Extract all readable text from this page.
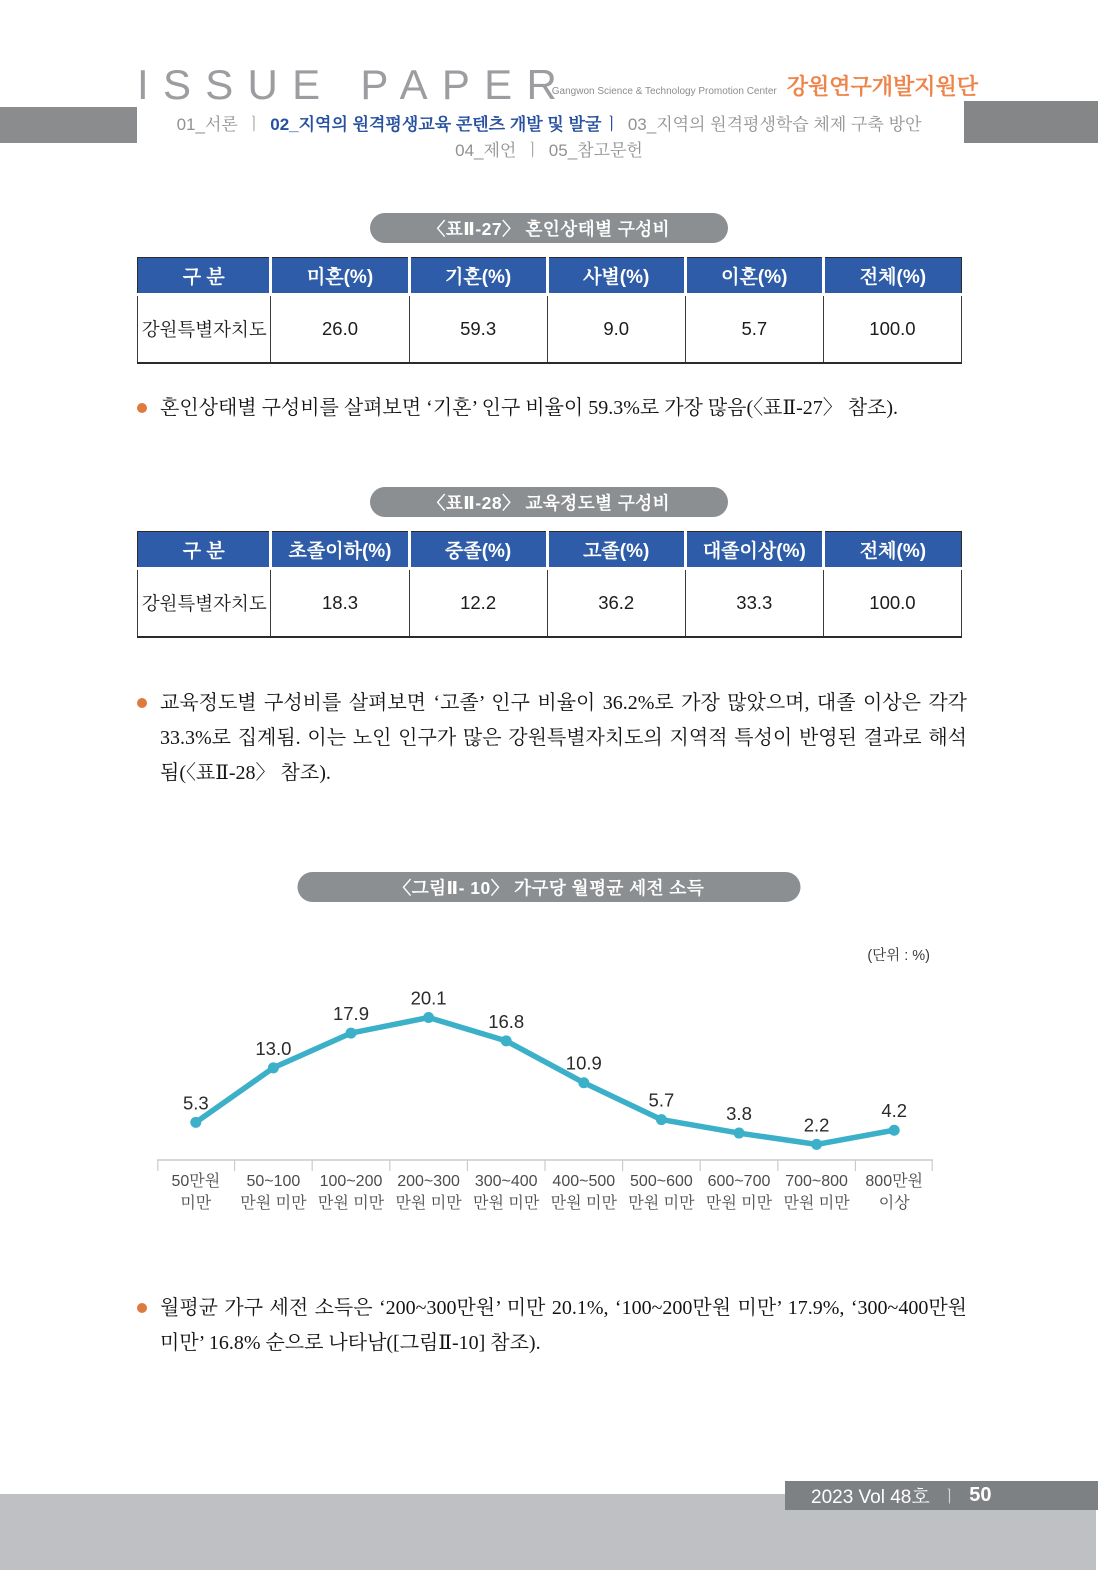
ISSUE PAPER
Gangwon Science & Technology Promotion Center 강원연구개발지원단
01_서론 ㅣ 02_지역의 원격평생교육 콘텐츠 개발 및 발굴 ㅣ 03_지역의 원격평생학습 체제 구축 방안
04_제언 ㅣ 05_참고문헌
〈표Ⅱ-27〉 혼인상태별 구성비
구 분	미혼(%)	기혼(%)	사별(%)	이혼(%)	전체(%)
강원특별자치도	26.0	59.3	9.0	5.7	100.0
혼인상태별 구성비를 살펴보면 ‘기혼’ 인구 비율이 59.3%로 가장 많음(〈표Ⅱ-27〉 참조).
〈표Ⅱ-28〉 교육정도별 구성비
구 분	초졸이하(%)	중졸(%)	고졸(%)	대졸이상(%)	전체(%)
강원특별자치도	18.3	12.2	36.2	33.3	100.0
교육정도별 구성비를 살펴보면 ‘고졸’ 인구 비율이 36.2%로 가장 많았으며, 대졸 이상은 각각 33.3%로 집계됨. 이는 노인 인구가 많은 강원특별자치도의 지역적 특성이 반영된 결과로 해석됨(〈표Ⅱ-28〉 참조).
〈그림Ⅱ- 10〉 가구당 월평균 세전 소득
(단위 : %)
5.3
13.0
17.9
20.1
16.8
10.9
5.7
3.8
2.2
4.2
50만원 미만
50~100 만원 미만
100~200 만원 미만
200~300 만원 미만
300~400 만원 미만
400~500 만원 미만
500~600 만원 미만
600~700 만원 미만
700~800 만원 미만
800만원 이상
월평균 가구 세전 소득은 ‘200~300만원’ 미만 20.1%, ‘100~200만원 미만’ 17.9%, ‘300~400만원 미만’ 16.8% 순으로 나타남([그림Ⅱ-10] 참조).
2023 Vol 48호 ㅣ 50
